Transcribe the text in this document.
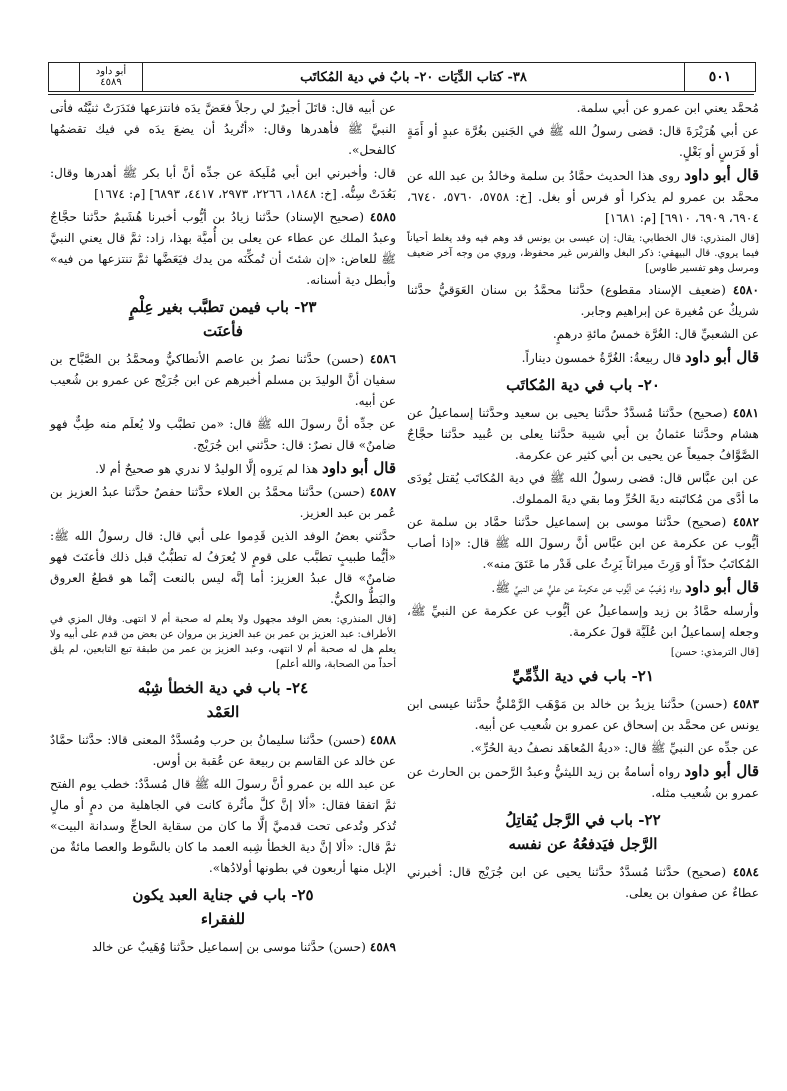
أبو داود
٤٥٨٩	٣٨- كتاب الدِّيَات ٢٠- بابٌ في دية المُكاتَب	٥٠١

مُحمَّد يعني ابن عمرو عن أبي سلمة.

عن أبي هُرَيْرَةَ قال: قضى رسولُ الله ﷺ في الجَنين بغُرَّة عبدٍ أو أَمَةٍ أو فَرَسٍ أو بَغْلٍ.

قال أبو داود روى هذا الحديث حمَّادُ بن سلمة وخالدُ بن عبد الله عن محمَّد بن عمرو لم يذكرا أو فرس أو بغل. [خ: ٥٧٥٨، ٥٧٦٠، ٦٧٤٠، ٦٩٠٤، ٦٩٠٩، ٦٩١٠] [م: ١٦٨١]

[قال المنذري: قال الخطابي: يقال: إن عيسى بن يونس قد وهم فيه وقد يغلط أحياناً فيما يروي. قال البيهقي: ذكر البغل والفرس غير محفوظ، وروي من وجه آخر ضعيف ومرسل وهو تفسير طاوس]

٤٥٨٠ (ضعيف الإسناد مقطوع) حدَّثنا محمَّدُ بن سنان العَوَقيُّ حدَّثنا شريكٌ عن مُغيرة عن إبراهيم وجابر.

عن الشعبيِّ قال: الغُرَّة خمسُ مائةِ درهمٍ.

قال أبو داود قال ربيعةُ: الغُرَّةُ خمسون ديناراً.

٢٠- باب في دية المُكاتَب

٤٥٨١ (صحيح) حدَّثنا مُسدَّدٌ حدَّثنا يحيى بن سعيد وحدَّثنا إسماعيلُ عن هشام وحدَّثنا عثمانُ بن أبي شيبة حدَّثنا يعلى بن عُبيد حدَّثنا حجَّاجٌ الصَّوَّافُ جميعاً عن يحيى بن أبي كثير عن عكرمة.

عن ابن عبَّاس قال: قضى رسولُ الله ﷺ في دية المُكاتَب يُقتل يُودَى ما أدَّى من مُكاتَبته ديةَ الحُرِّ وما بقي ديةَ المملوك.

٤٥٨٢ (صحيح) حدَّثنا موسى بن إسماعيل حدَّثنا حمَّاد بن سلمة عن أيُّوب عن عكرمة عن ابن عبَّاس أنَّ رسولَ الله ﷺ قال: «إذا أصاب المُكاتَبُ حدّاً أو وَرِثَ ميراثاً يَرِثُ على قَدْر ما عَتَقَ منه».

قال أبو داود رواه وُهَيبٌ عن أيُّوب عن عكرمة عن عليٍّ عن النبيِّ ﷺ.

وأرسله حمَّادُ بن زيد وإسماعيلُ عن أيُّوب عن عكرمة عن النبيِّ ﷺ، وجعله إسماعيلُ ابن عُلَيَّة قولَ عكرمة.

[قال الترمذي: حسن]

٢١- باب في دية الذِّمِّيِّ

٤٥٨٣ (حسن) حدَّثنا يزيدُ بن خالد بن مَوْهَب الرَّمْليُّ حدَّثنا عيسى ابن يونس عن محمَّد بن إسحاق عن عمرو بن شُعيب عن أبيه.

عن جدِّه عن النبيِّ ﷺ قال: «ديةُ المُعاهَد نصفُ دية الحُرِّ».

قال أبو داود رواه أسامةُ بن زيد الليثيُّ وعبدُ الرَّحمن بن الحارث عن عمرو بن شُعيب مثله.

٢٢- باب في الرَّجل يُقاتِلُ
الرَّجل فيَدفعُهُ عن نفسه

٤٥٨٤ (صحيح) حدَّثنا مُسدَّدٌ حدَّثنا يحيى عن ابن جُرَيْج قال: أخبرني عطاءٌ عن صفوان بن يعلى.

عن أبيه قال: قاتَلَ أجيرٌ لي رجلاً فعَضَّ يدَه فانتزعها فنَدَرَتْ ثنيَّتُه فأتى النبيَّ ﷺ فأهدرها وقال: «أتُريدُ أن يضعَ يدَه في فيك تقضمُها كالفحل».

قال: وأخبرني ابن أبي مُلَيكة عن جدِّه أنَّ أبا بكر ﷺ أهدرها وقال: بَعُدَتْ سِنُّه. [خ: ١٨٤٨، ٢٢٦٦، ٢٩٧٣، ٤٤١٧، ٦٨٩٣] [م: ١٦٧٤]

٤٥٨٥ (صحيح الإسناد) حدَّثنا زيادُ بن أيُّوب أخبرنا هُشَيمٌ حدَّثنا حجَّاجٌ وعبدُ الملك عن عطاء عن يعلى بن أُميَّة بهذا، زاد: ثمَّ قال يعني النبيَّ ﷺ للعاض: «إن شئتَ أن تُمكِّنَه من يدك فيَعَضَّها ثمَّ تنتزعها من فيه» وأبطل دية أسنانه.

٢٣- باب فيمن تطبَّب بغير عِلْمٍ
فأعنَت

٤٥٨٦ (حسن) حدَّثنا نصرُ بن عاصم الأنطاكيُّ ومحمَّدُ بن الصَّبَّاح بن سفيان أنَّ الوليدَ بن مسلم أخبرهم عن ابن جُرَيْج عن عمرو بن شُعيب عن أبيه.

عن جدِّه أنَّ رسولَ الله ﷺ قال: «من تطبَّب ولا يُعلَم منه طِبٌّ فهو ضامنٌ» قال نصرٌ: قال: حدَّثني ابن جُرَيْج.

قال أبو داود هذا لم يَروه إلَّا الوليدُ لا ندري هو صحيحٌ أم لا.

٤٥٨٧ (حسن) حدَّثنا محمَّدُ بن العلاء حدَّثنا حفصٌ حدَّثنا عبدُ العزيز بن عُمر بن عبد العزيز.

حدَّثني بعضُ الوفد الذين قَدِموا على أبي قال: قال رسولُ الله ﷺ: «أيُّما طبيبٍ تطبَّب على قومٍ لا يُعرَفُ له تطبُّبٌ قبل ذلك فأعنَتَ فهو ضامنٌ» قال عبدُ العزيز: أما إنَّه ليس بالنعت إنَّما هو قطعُ العروق والبَطُّ والكيُّ.

[قال المنذري: بعض الوفد مجهول ولا يعلم له صحبة أم لا انتهى. وقال المزي في الأطراف: عبد العزيز بن عمر بن عبد العزيز بن مروان عن بعض من قدم على أبيه ولا يعلم هل له صحبة أم لا انتهى، وعبد العزيز بن عمر من طبقة تبع التابعين، لم يلق أحداً من الصحابة، والله أعلم]

٢٤- باب في دية الخطأ شِبْه
العَمْد

٤٥٨٨ (حسن) حدَّثنا سليمانُ بن حرب ومُسدَّدٌ المعنى قالا: حدَّثنا حمَّادٌ عن خالد عن القاسم بن ربيعة عن عُقبة بن أوس.

عن عبد الله بن عمرو أنَّ رسولَ الله ﷺ قال مُسدَّدٌ: خطب يوم الفتح ثمَّ اتفقا فقال: «ألا إنَّ كلَّ مأثُرة كانت في الجاهلية من دمٍ أو مالٍ تُذكر وتُدعى تحت قدميَّ إلَّا ما كان من سقاية الحاجِّ وسدانة البيت» ثمَّ قال: «ألا إنَّ دية الخطأ شِبه العمد ما كان بالسَّوط والعصا مائةٌ من الإبل منها أربعون في بطونها أولادُها».

٢٥- باب في جناية العبد يكون
للفقراء

٤٥٨٩ (حسن) حدَّثنا موسى بن إسماعيل حدَّثنا وُهَيبٌ عن خالد
